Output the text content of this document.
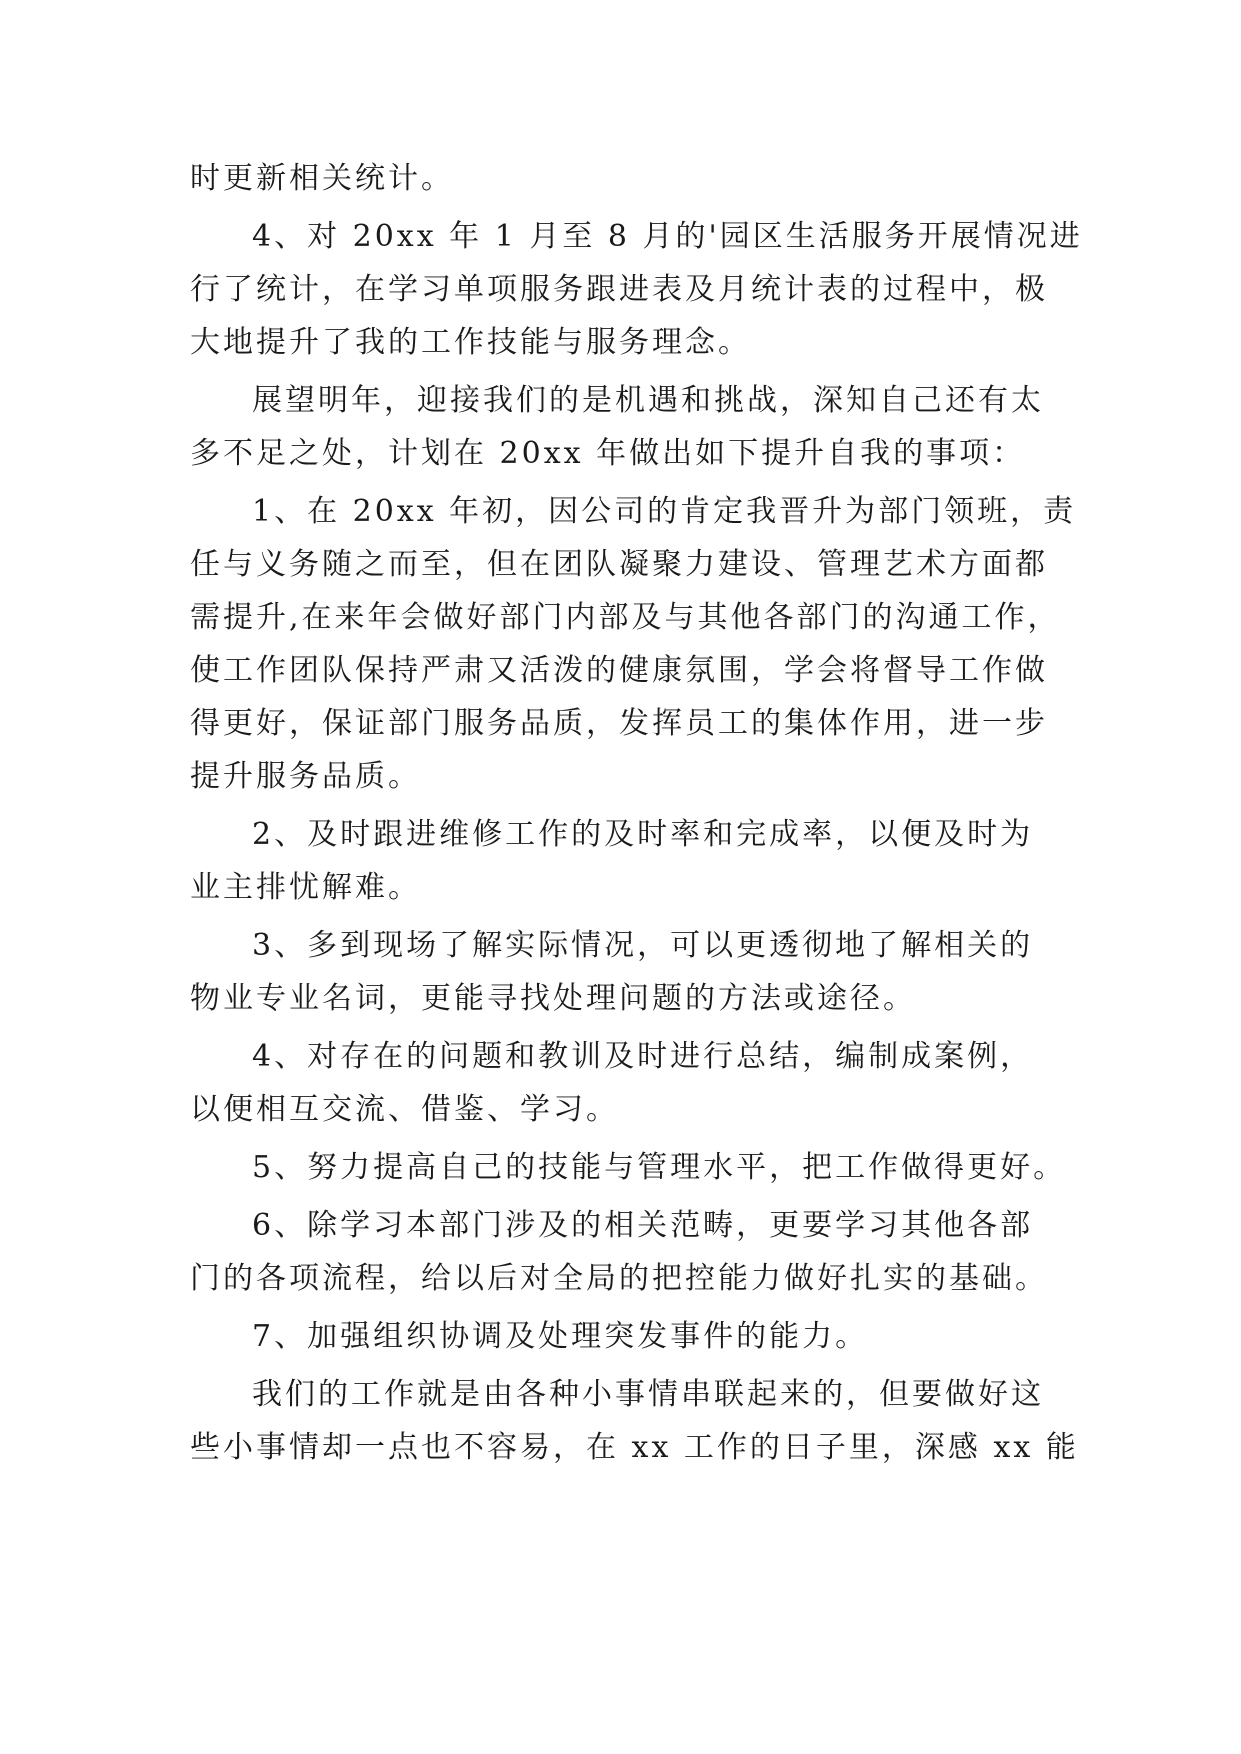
时更新相关统计。
4、对 20xx 年 1 月至 8 月的'园区生活服务开展情况进
行了统计，在学习单项服务跟进表及月统计表的过程中，极
大地提升了我的工作技能与服务理念。
展望明年，迎接我们的是机遇和挑战，深知自己还有太
多不足之处，计划在 20xx 年做出如下提升自我的事项：
1、在 20xx 年初，因公司的肯定我晋升为部门领班，责
任与义务随之而至，但在团队凝聚力建设、管理艺术方面都
需提升,在来年会做好部门内部及与其他各部门的沟通工作，
使工作团队保持严肃又活泼的健康氛围，学会将督导工作做
得更好，保证部门服务品质，发挥员工的集体作用，进一步
提升服务品质。
2、及时跟进维修工作的及时率和完成率，以便及时为
业主排忧解难。
3、多到现场了解实际情况，可以更透彻地了解相关的
物业专业名词，更能寻找处理问题的方法或途径。
4、对存在的问题和教训及时进行总结，编制成案例，
以便相互交流、借鉴、学习。
5、努力提高自己的技能与管理水平，把工作做得更好。
6、除学习本部门涉及的相关范畴，更要学习其他各部
门的各项流程，给以后对全局的把控能力做好扎实的基础。
7、加强组织协调及处理突发事件的能力。
我们的工作就是由各种小事情串联起来的，但要做好这
些小事情却一点也不容易，在 xx 工作的日子里，深感 xx 能
